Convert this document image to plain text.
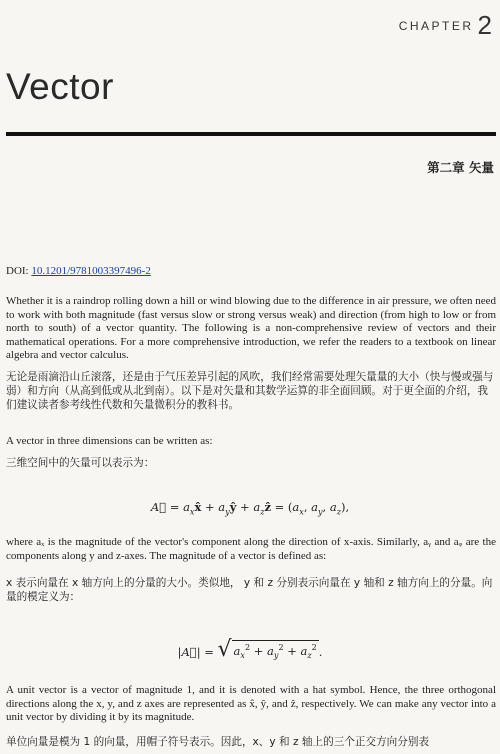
$^{CHAPTER}$ 2
Vector
第二章 矢量
DOI: 10.1201/9781003397496-2
Whether it is a raindrop rolling down a hill or wind blowing due to the difference in air pressure, we often need to work with both magnitude (fast versus slow or strong versus weak) and direction (from high to low or from north to south) of a vector quantity. The following is a non-comprehensive review of vectors and their mathematical operations. For a more comprehensive introduction, we refer the readers to a textbook on linear algebra and vector calculus.
无论是雨滴沿山丘滚落，还是由于气压差异引起的风吹，我们经常需要处理矢量量的大小（快与慢或强与弱）和方向（从高到低或从北到南）。以下是对矢量和其数学运算的非全面回顾。对于更全面的介绍，我们建议读者参考线性代数和矢量微积分的教科书。
A vector in three dimensions can be written as:
三维空间中的矢量可以表示为：
A⃗ = $a_xx̂$ + $a_yŷ$ + $a_zẑ = (a_x$, $a_y$, $a_z$),
where aₓ is the magnitude of the vector's component along the direction of x-axis. Similarly, aᵧ and aᵩ are the components along y and z-axes. The magnitude of a vector is defined as:
x 表示向量在 x 轴方向上的分量的大小。类似地， y 和 z 分别表示向量在 y 轴和 z 轴方向上的分量。向量的模定义为：
|A⃗| = √ $a_x^2 + a_y^2 + a_z^2$ .
A unit vector is a vector of magnitude 1, and it is denoted with a hat symbol. Hence, the three orthogonal directions along the x, y, and z axes are represented as x̂, ŷ, and ẑ, respectively. We can make any vector into a unit vector by dividing it by its magnitude.
单位向量是模为 1 的向量，用帽子符号表示。因此，x、y 和 z 轴上的三个正交方向分别表
